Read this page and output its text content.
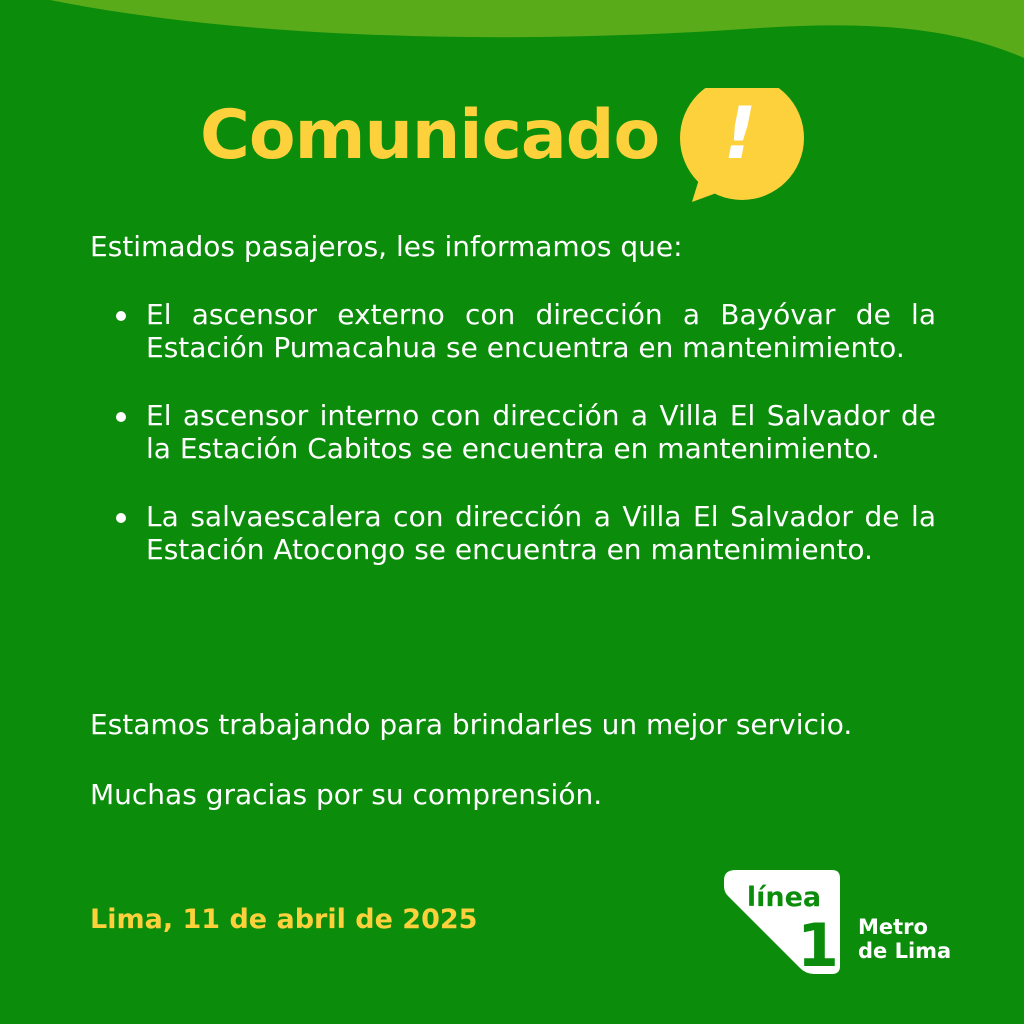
Comunicado !
Estimados pasajeros, les informamos que:
El ascensor externo con dirección a Bayóvar de la Estación Pumacahua se encuentra en mantenimiento.
El ascensor interno con dirección a Villa El Salvador de la Estación Cabitos se encuentra en mantenimiento.
La salvaescalera con dirección a Villa El Salvador de la Estación Atocongo se encuentra en mantenimiento.
Estamos trabajando para brindarles un mejor servicio.
Muchas gracias por su comprensión.
Lima, 11 de abril de 2025
línea
1 Metro
de Lima
